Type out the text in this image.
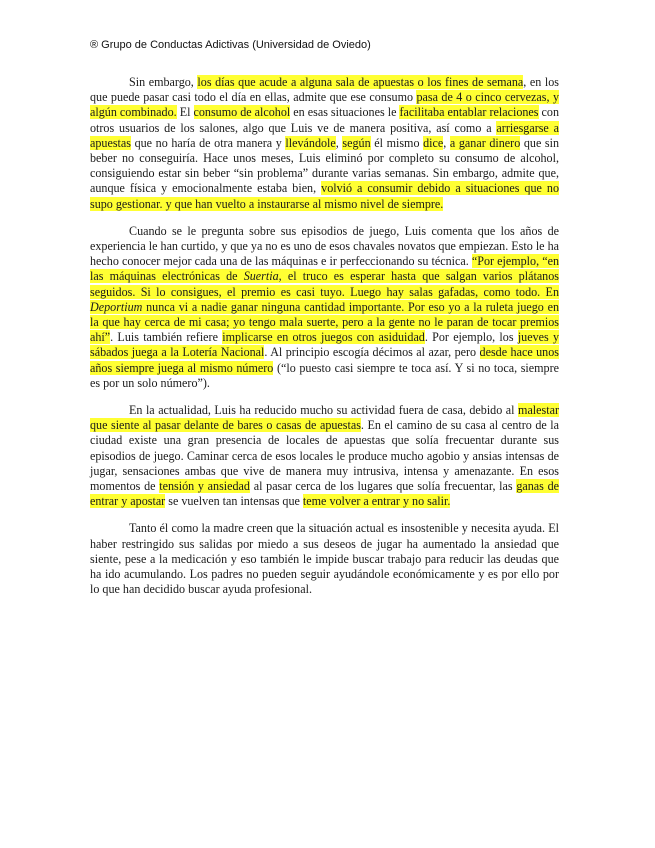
® Grupo de Conductas Adictivas (Universidad de Oviedo)

Sin embargo, los días que acude a alguna sala de apuestas o los fines de semana, en los que puede pasar casi todo el día en ellas, admite que ese consumo pasa de 4 o cinco cervezas, y algún combinado. El consumo de alcohol en esas situaciones le facilitaba entablar relaciones con otros usuarios de los salones, algo que Luis ve de manera positiva, así como a arriesgarse a apuestas que no haría de otra manera y llevándole, según él mismo dice, a ganar dinero que sin beber no conseguiría. Hace unos meses, Luis eliminó por completo su consumo de alcohol, consiguiendo estar sin beber “sin problema” durante varias semanas. Sin embargo, admite que, aunque física y emocionalmente estaba bien, volvió a consumir debido a situaciones que no supo gestionar. y que han vuelto a instaurarse al mismo nivel de siempre.

Cuando se le pregunta sobre sus episodios de juego, Luis comenta que los años de experiencia le han curtido, y que ya no es uno de esos chavales novatos que empiezan. Esto le ha hecho conocer mejor cada una de las máquinas e ir perfeccionando su técnica. “Por ejemplo, “en las máquinas electrónicas de Suertia, el truco es esperar hasta que salgan varios plátanos seguidos. Si lo consigues, el premio es casi tuyo. Luego hay salas gafadas, como todo. En Deportium nunca vi a nadie ganar ninguna cantidad importante. Por eso yo a la ruleta juego en la que hay cerca de mi casa; yo tengo mala suerte, pero a la gente no le paran de tocar premios ahí”. Luis también refiere implicarse en otros juegos con asiduidad. Por ejemplo, los jueves y sábados juega a la Lotería Nacional. Al principio escogía décimos al azar, pero desde hace unos años siempre juega al mismo número (“lo puesto casi siempre te toca así. Y si no toca, siempre es por un solo número”).

En la actualidad, Luis ha reducido mucho su actividad fuera de casa, debido al malestar que siente al pasar delante de bares o casas de apuestas. En el camino de su casa al centro de la ciudad existe una gran presencia de locales de apuestas que solía frecuentar durante sus episodios de juego. Caminar cerca de esos locales le produce mucho agobio y ansias intensas de jugar, sensaciones ambas que vive de manera muy intrusiva, intensa y amenazante. En esos momentos de tensión y ansiedad al pasar cerca de los lugares que solía frecuentar, las ganas de entrar y apostar se vuelven tan intensas que teme volver a entrar y no salir.

Tanto él como la madre creen que la situación actual es insostenible y necesita ayuda. El haber restringido sus salidas por miedo a sus deseos de jugar ha aumentado la ansiedad que siente, pese a la medicación y eso también le impide buscar trabajo para reducir las deudas que ha ido acumulando. Los padres no pueden seguir ayudándole económicamente y es por ello por lo que han decidido buscar ayuda profesional.
